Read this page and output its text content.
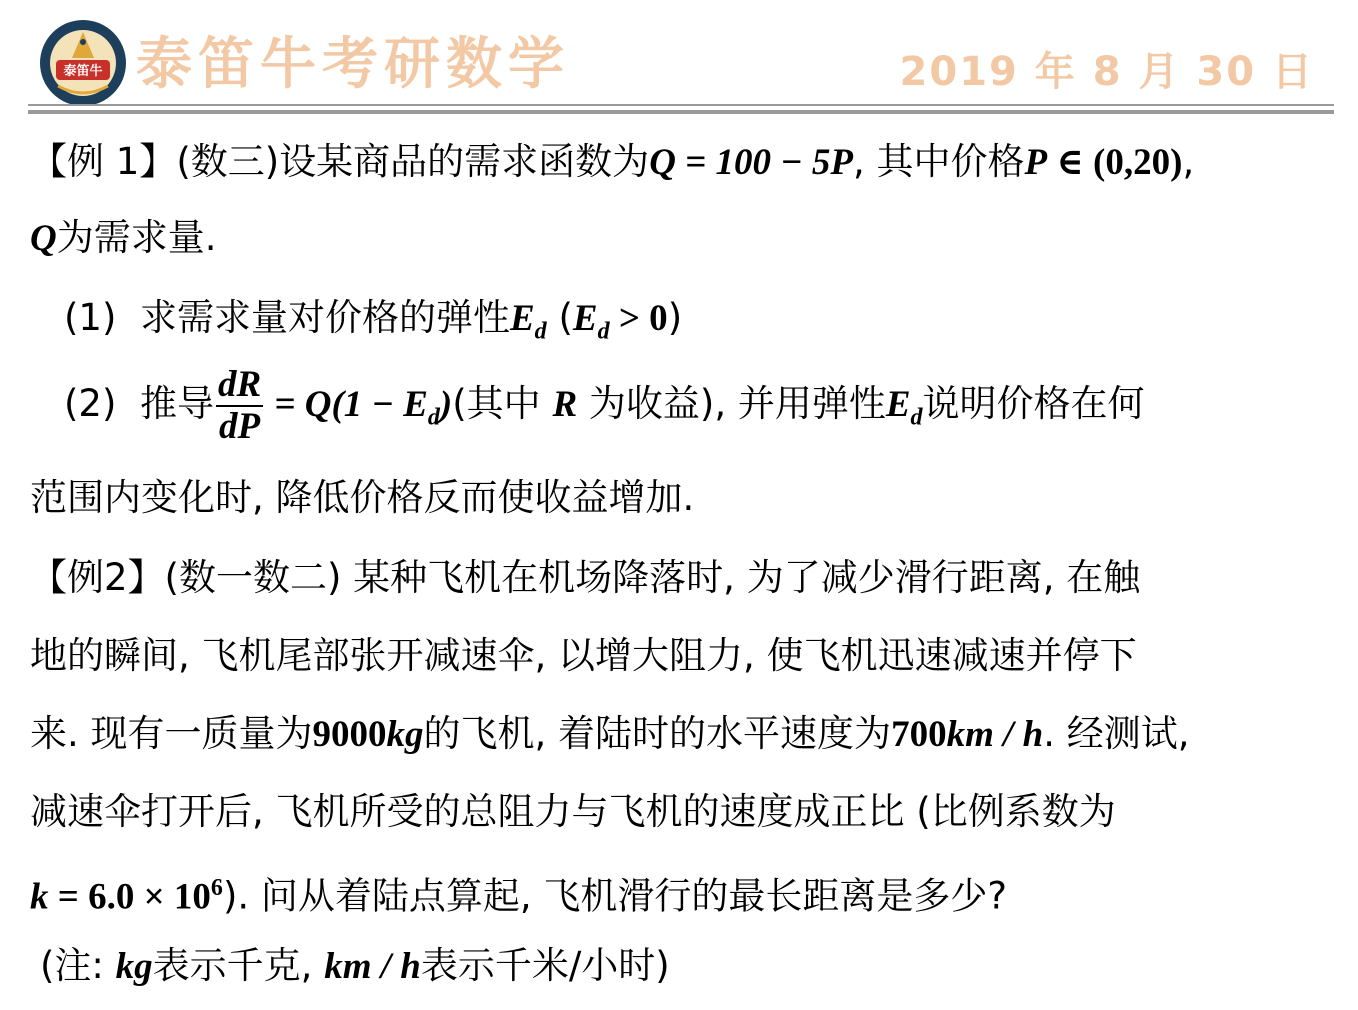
泰笛牛 泰笛牛考研数学	2019 年 8 月 30 日
【例 1】(数三)设某商品的需求函数为Q = 100 − 5P, 其中价格P ∈ (0,20),
Q为需求量.
(1) 求需求量对价格的弹性$E_d$ $(E_d > 0)$
(2) 推导 $\frac{dR}{dP} = Q(1 - E_d)$(其中 R 为收益), 并用弹性$E_d$说明价格在何
范围内变化时, 降低价格反而使收益增加.
【例2】(数一数二) 某种飞机在机场降落时, 为了减少滑行距离, 在触
地的瞬间, 飞机尾部张开减速伞, 以增大阻力, 使飞机迅速减速并停下
来. 现有一质量为9000kg的飞机, 着陆时的水平速度为700km / h. 经测试,
减速伞打开后, 飞机所受的总阻力与飞机的速度成正比 (比例系数为
$k = 6.0 \times 10^6$). 问从着陆点算起, 飞机滑行的最长距离是多少?
(注: kg表示千克, km / h表示千米/小时)
